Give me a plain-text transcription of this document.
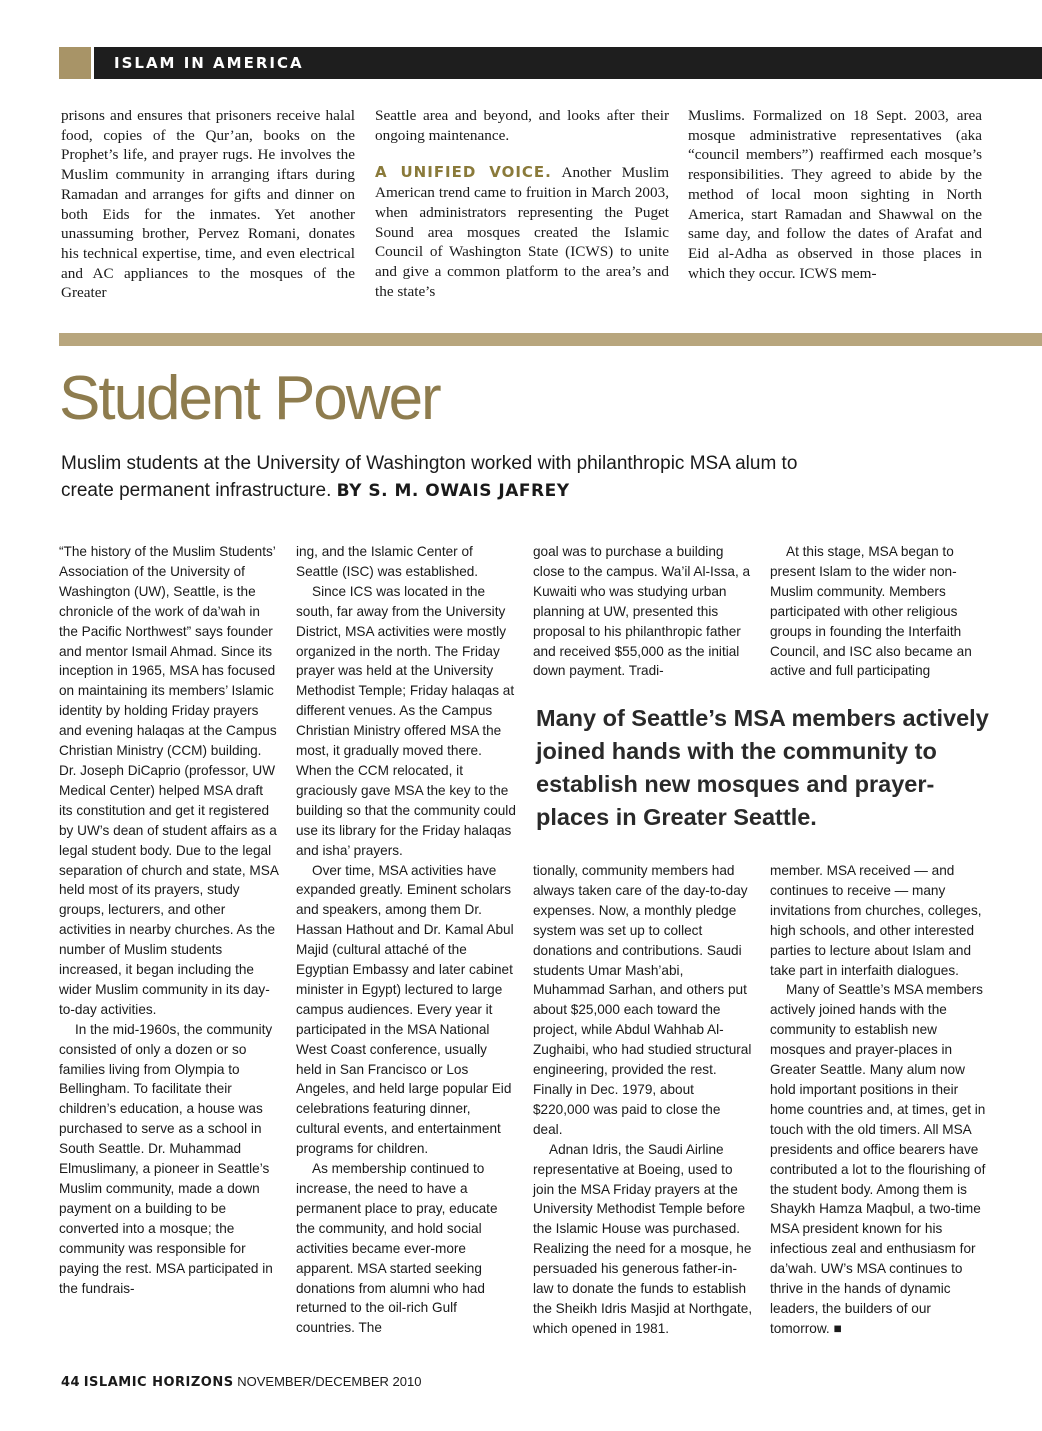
ISLAM IN AMERICA

prisons and ensures that prisoners receive halal food, copies of the Qur’an, books on the Prophet’s life, and prayer rugs. He involves the Muslim community in arranging iftars during Ramadan and arranges for gifts and dinner on both Eids for the inmates. Yet another unassuming brother, Pervez Romani, donates his technical expertise, time, and even electrical and AC appliances to the mosques of the Greater

Seattle area and beyond, and looks after their ongoing maintenance.

A UNIFIED VOICE. Another Muslim American trend came to fruition in March 2003, when administrators representing the Puget Sound area mosques created the Islamic Council of Washington State (ICWS) to unite and give a common platform to the area’s and the state’s

Muslims. Formalized on 18 Sept. 2003, area mosque administrative representatives (aka “council members”) reaffirmed each mosque’s responsibilities. They agreed to abide by the method of local moon sighting in North America, start Ramadan and Shawwal on the same day, and follow the dates of Arafat and Eid al-Adha as observed in those places in which they occur. ICWS mem-

Student Power
Muslim students at the University of Washington worked with philanthropic MSA alum to create permanent infrastructure. BY S. M. OWAIS JAFREY

“The history of the Muslim Students’ Association of the University of Washington (UW), Seattle, is the chronicle of the work of da’wah in the Pacific Northwest” says founder and mentor Ismail Ahmad. Since its inception in 1965, MSA has focused on maintaining its members’ Islamic identity by holding Friday prayers and evening halaqas at the Campus Christian Ministry (CCM) building. Dr. Joseph DiCaprio (professor, UW Medical Center) helped MSA draft its constitution and get it registered by UW’s dean of student affairs as a legal student body. Due to the legal separation of church and state, MSA held most of its prayers, study groups, lecturers, and other activities in nearby churches. As the number of Muslim students increased, it began including the wider Muslim community in its day-to-day activities.

In the mid-1960s, the community consisted of only a dozen or so families living from Olympia to Bellingham. To facilitate their children’s education, a house was purchased to serve as a school in South Seattle. Dr. Muhammad Elmuslimany, a pioneer in Seattle’s Muslim community, made a down payment on a building to be converted into a mosque; the community was responsible for paying the rest. MSA participated in the fundrais-

ing, and the Islamic Center of Seattle (ISC) was established.

Since ICS was located in the south, far away from the University District, MSA activities were mostly organized in the north. The Friday prayer was held at the University Methodist Temple; Friday halaqas at different venues. As the Campus Christian Ministry offered MSA the most, it gradually moved there. When the CCM relocated, it graciously gave MSA the key to the building so that the community could use its library for the Friday halaqas and isha’ prayers.

Over time, MSA activities have expanded greatly. Eminent scholars and speakers, among them Dr. Hassan Hathout and Dr. Kamal Abul Majid (cultural attaché of the Egyptian Embassy and later cabinet minister in Egypt) lectured to large campus audiences. Every year it participated in the MSA National West Coast conference, usually held in San Francisco or Los Angeles, and held large popular Eid celebrations featuring dinner, cultural events, and entertainment programs for children.

As membership continued to increase, the need to have a permanent place to pray, educate the community, and hold social activities became ever-more apparent. MSA started seeking donations from alumni who had returned to the oil-rich Gulf countries. The

goal was to purchase a building close to the campus. Wa’il Al-Issa, a Kuwaiti who was studying urban planning at UW, presented this proposal to his philanthropic father and received $55,000 as the initial down payment. Tradi-

At this stage, MSA began to present Islam to the wider non-Muslim community. Members participated with other religious groups in founding the Interfaith Council, and ISC also became an active and full participating

Many of Seattle’s MSA members actively joined hands with the community to establish new mosques and prayer-places in Greater Seattle.

tionally, community members had always taken care of the day-to-day expenses. Now, a monthly pledge system was set up to collect donations and contributions. Saudi students Umar Mash’abi, Muhammad Sarhan, and others put about $25,000 each toward the project, while Abdul Wahhab Al-Zughaibi, who had studied structural engineering, provided the rest. Finally in Dec. 1979, about $220,000 was paid to close the deal.

Adnan Idris, the Saudi Airline representative at Boeing, used to join the MSA Friday prayers at the University Methodist Temple before the Islamic House was purchased. Realizing the need for a mosque, he persuaded his generous father-in-law to donate the funds to establish the Sheikh Idris Masjid at Northgate, which opened in 1981.

member. MSA received — and continues to receive — many invitations from churches, colleges, high schools, and other interested parties to lecture about Islam and take part in interfaith dialogues.

Many of Seattle’s MSA members actively joined hands with the community to establish new mosques and prayer-places in Greater Seattle. Many alum now hold important positions in their home countries and, at times, get in touch with the old timers. All MSA presidents and office bearers have contributed a lot to the flourishing of the student body. Among them is Shaykh Hamza Maqbul, a two-time MSA president known for his infectious zeal and enthusiasm for da’wah. UW’s MSA continues to thrive in the hands of dynamic leaders, the builders of our tomorrow. ■

44 ISLAMIC HORIZONS NOVEMBER/DECEMBER 2010
